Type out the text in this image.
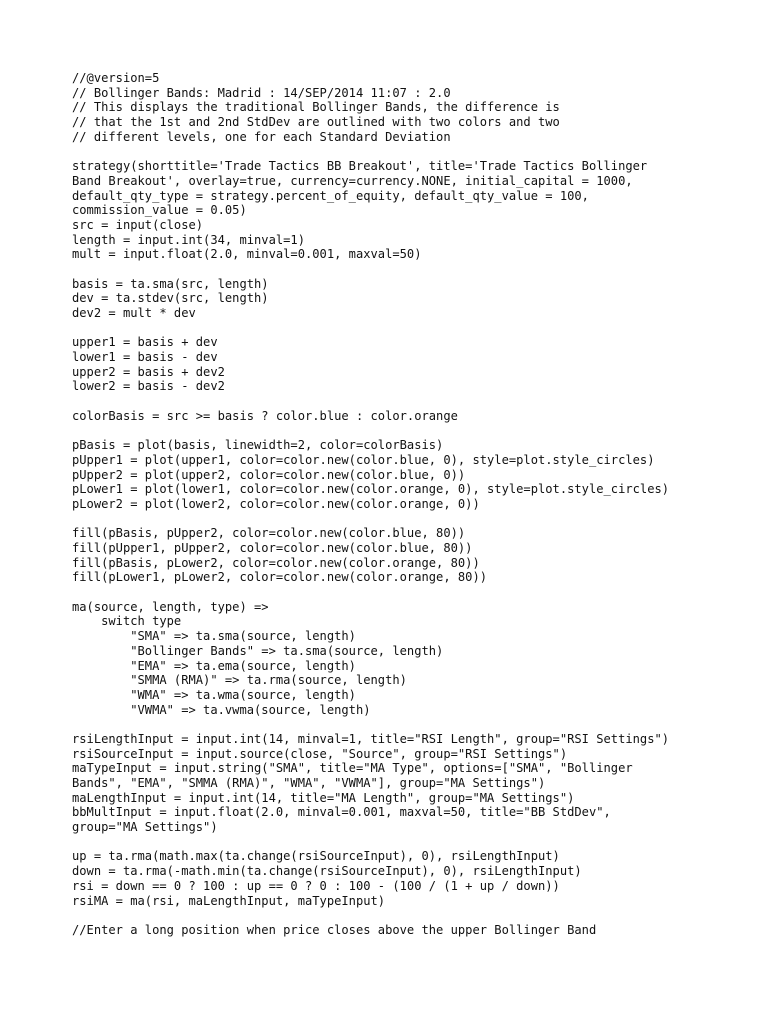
//@version=5
// Bollinger Bands: Madrid : 14/SEP/2014 11:07 : 2.0
// This displays the traditional Bollinger Bands, the difference is
// that the 1st and 2nd StdDev are outlined with two colors and two
// different levels, one for each Standard Deviation
strategy(shorttitle='Trade Tactics BB Breakout', title='Trade Tactics Bollinger
Band Breakout', overlay=true, currency=currency.NONE, initial_capital = 1000,
default_qty_type = strategy.percent_of_equity, default_qty_value = 100,
commission_value = 0.05)
src = input(close)
length = input.int(34, minval=1)
mult = input.float(2.0, minval=0.001, maxval=50)
basis = ta.sma(src, length)
dev = ta.stdev(src, length)
dev2 = mult * dev
upper1 = basis + dev
lower1 = basis - dev
upper2 = basis + dev2
lower2 = basis - dev2
colorBasis = src >= basis ? color.blue : color.orange
pBasis = plot(basis, linewidth=2, color=colorBasis)
pUpper1 = plot(upper1, color=color.new(color.blue, 0), style=plot.style_circles)
pUpper2 = plot(upper2, color=color.new(color.blue, 0))
pLower1 = plot(lower1, color=color.new(color.orange, 0), style=plot.style_circles)
pLower2 = plot(lower2, color=color.new(color.orange, 0))
fill(pBasis, pUpper2, color=color.new(color.blue, 80))
fill(pUpper1, pUpper2, color=color.new(color.blue, 80))
fill(pBasis, pLower2, color=color.new(color.orange, 80))
fill(pLower1, pLower2, color=color.new(color.orange, 80))
ma(source, length, type) =>
switch type
"SMA" => ta.sma(source, length)
"Bollinger Bands" => ta.sma(source, length)
"EMA" => ta.ema(source, length)
"SMMA (RMA)" => ta.rma(source, length)
"WMA" => ta.wma(source, length)
"VWMA" => ta.vwma(source, length)
rsiLengthInput = input.int(14, minval=1, title="RSI Length", group="RSI Settings")
rsiSourceInput = input.source(close, "Source", group="RSI Settings")
maTypeInput = input.string("SMA", title="MA Type", options=["SMA", "Bollinger
Bands", "EMA", "SMMA (RMA)", "WMA", "VWMA"], group="MA Settings")
maLengthInput = input.int(14, title="MA Length", group="MA Settings")
bbMultInput = input.float(2.0, minval=0.001, maxval=50, title="BB StdDev",
group="MA Settings")
up = ta.rma(math.max(ta.change(rsiSourceInput), 0), rsiLengthInput)
down = ta.rma(-math.min(ta.change(rsiSourceInput), 0), rsiLengthInput)
rsi = down == 0 ? 100 : up == 0 ? 0 : 100 - (100 / (1 + up / down))
rsiMA = ma(rsi, maLengthInput, maTypeInput)
//Enter a long position when price closes above the upper Bollinger Band
